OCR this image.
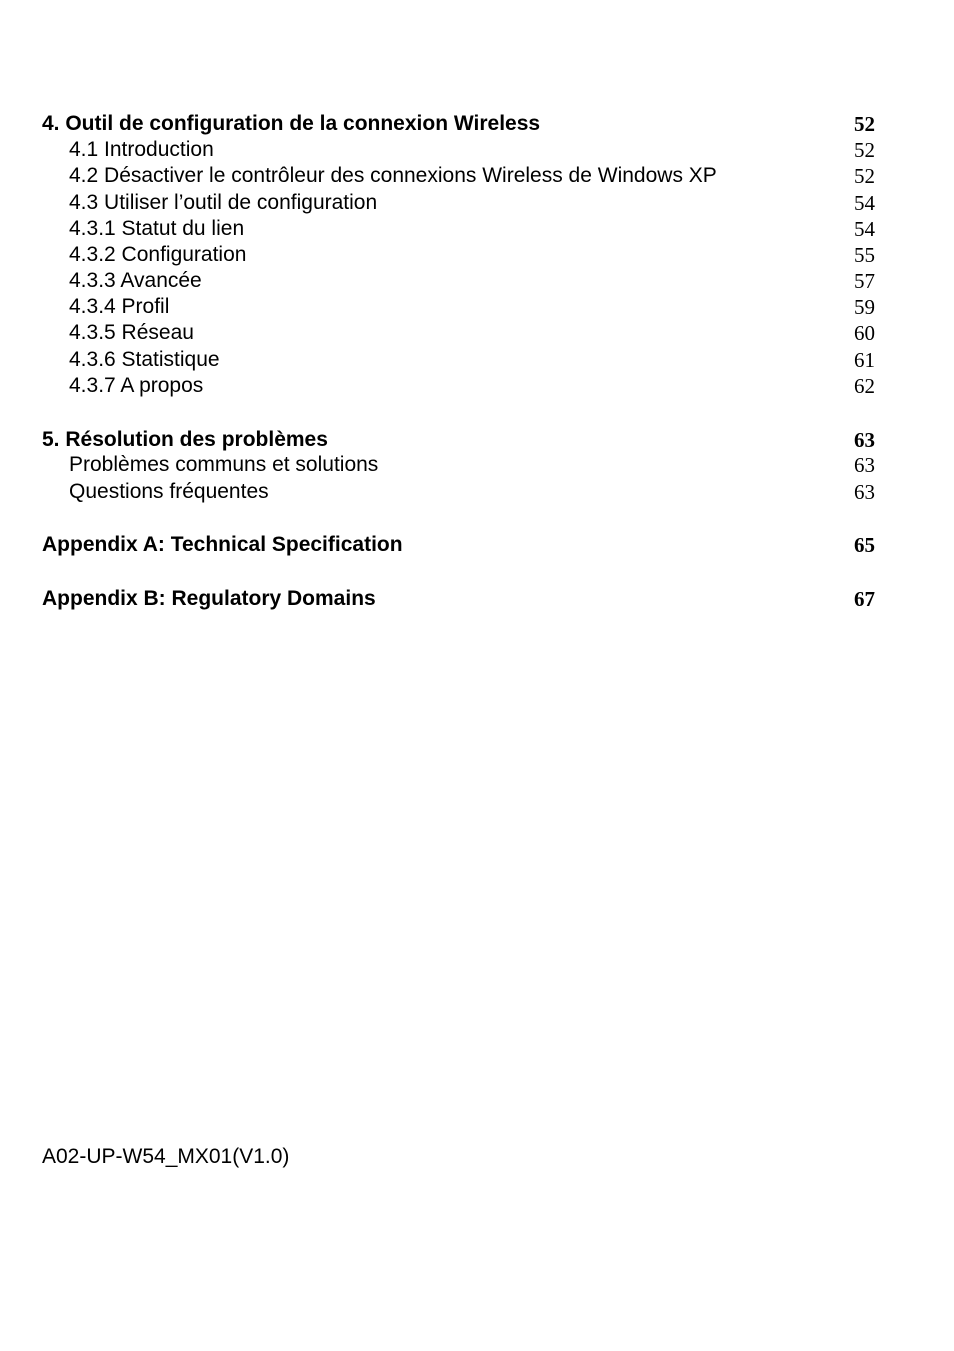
4. Outil de configuration de la connexion Wireless	52
4.1 Introduction	52
4.2 Désactiver le contrôleur des connexions Wireless de Windows XP	52
4.3 Utiliser l’outil de configuration	54
4.3.1 Statut du lien	54
4.3.2 Configuration	55
4.3.3 Avancée	57
4.3.4 Profil	59
4.3.5 Réseau	60
4.3.6 Statistique	61
4.3.7 A propos	62
5. Résolution des problèmes	63
Problèmes communs et solutions	63
Questions fréquentes	63
Appendix A: Technical Specification	65
Appendix B: Regulatory Domains	67
A02-UP-W54_MX01(V1.0)
